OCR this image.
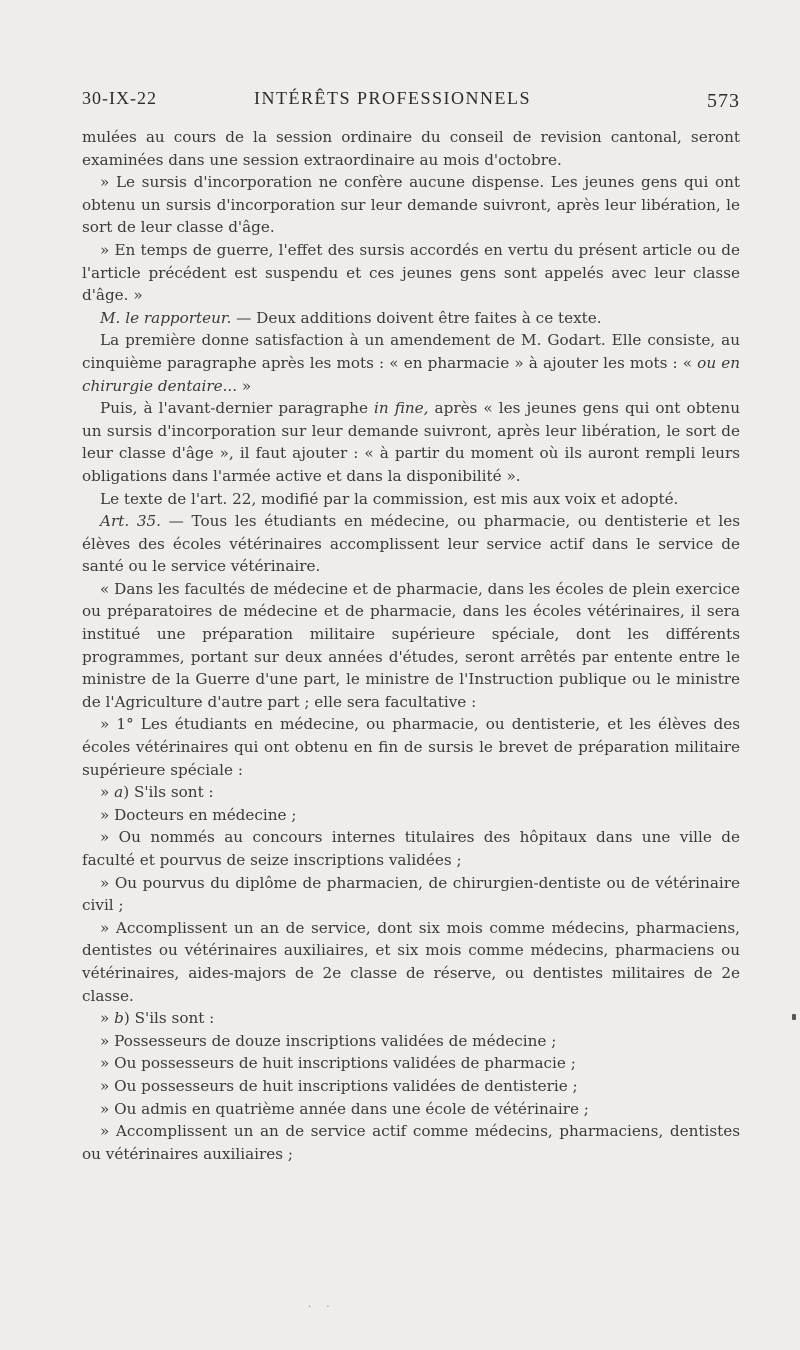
30-IX-22	INTÉRÊTS PROFESSIONNELS	573

mulées au cours de la session ordinaire du conseil de revision cantonal, seront examinées dans une session extraordinaire au mois d'octobre.

» Le sursis d'incorporation ne confère aucune dispense. Les jeunes gens qui ont obtenu un sursis d'incorporation sur leur demande suivront, après leur libération, le sort de leur classe d'âge.

» En temps de guerre, l'effet des sursis accordés en vertu du présent article ou de l'article précédent est suspendu et ces jeunes gens sont appelés avec leur classe d'âge. »

M. le rapporteur. — Deux additions doivent être faites à ce texte.

La première donne satisfaction à un amendement de M. Godart. Elle consiste, au cinquième paragraphe après les mots : « en pharmacie » à ajouter les mots : « ou en chirurgie dentaire... »

Puis, à l'avant-dernier paragraphe in fine, après « les jeunes gens qui ont obtenu un sursis d'incorporation sur leur demande suivront, après leur libération, le sort de leur classe d'âge », il faut ajouter : « à partir du moment où ils auront rempli leurs obligations dans l'armée active et dans la disponibilité ».

Le texte de l'art. 22, modifié par la commission, est mis aux voix et adopté.

Art. 35. — Tous les étudiants en médecine, ou pharmacie, ou dentisterie et les élèves des écoles vétérinaires accomplissent leur service actif dans le service de santé ou le service vétérinaire.

« Dans les facultés de médecine et de pharmacie, dans les écoles de plein exercice ou préparatoires de médecine et de pharmacie, dans les écoles vétérinaires, il sera institué une préparation militaire supérieure spéciale, dont les différents programmes, portant sur deux années d'études, seront arrêtés par entente entre le ministre de la Guerre d'une part, le ministre de l'Instruction publique ou le ministre de l'Agriculture d'autre part ; elle sera facultative :

» 1° Les étudiants en médecine, ou pharmacie, ou dentisterie, et les élèves des écoles vétérinaires qui ont obtenu en fin de sursis le brevet de préparation militaire supérieure spéciale :

» a) S'ils sont :

» Docteurs en médecine ;

» Ou nommés au concours internes titulaires des hôpitaux dans une ville de faculté et pourvus de seize inscriptions validées ;

» Ou pourvus du diplôme de pharmacien, de chirurgien-dentiste ou de vétérinaire civil ;

» Accomplissent un an de service, dont six mois comme médecins, pharmaciens, dentistes ou vétérinaires auxiliaires, et six mois comme médecins, pharmaciens ou vétérinaires, aides-majors de 2e classe de réserve, ou dentistes militaires de 2e classe.

» b) S'ils sont :

» Possesseurs de douze inscriptions validées de médecine ;

» Ou possesseurs de huit inscriptions validées de pharmacie ;

» Ou possesseurs de huit inscriptions validées de dentisterie ;

» Ou admis en quatrième année dans une école de vétérinaire ;

» Accomplissent un an de service actif comme médecins, pharmaciens, dentistes ou vétérinaires auxiliaires ;

· ·
